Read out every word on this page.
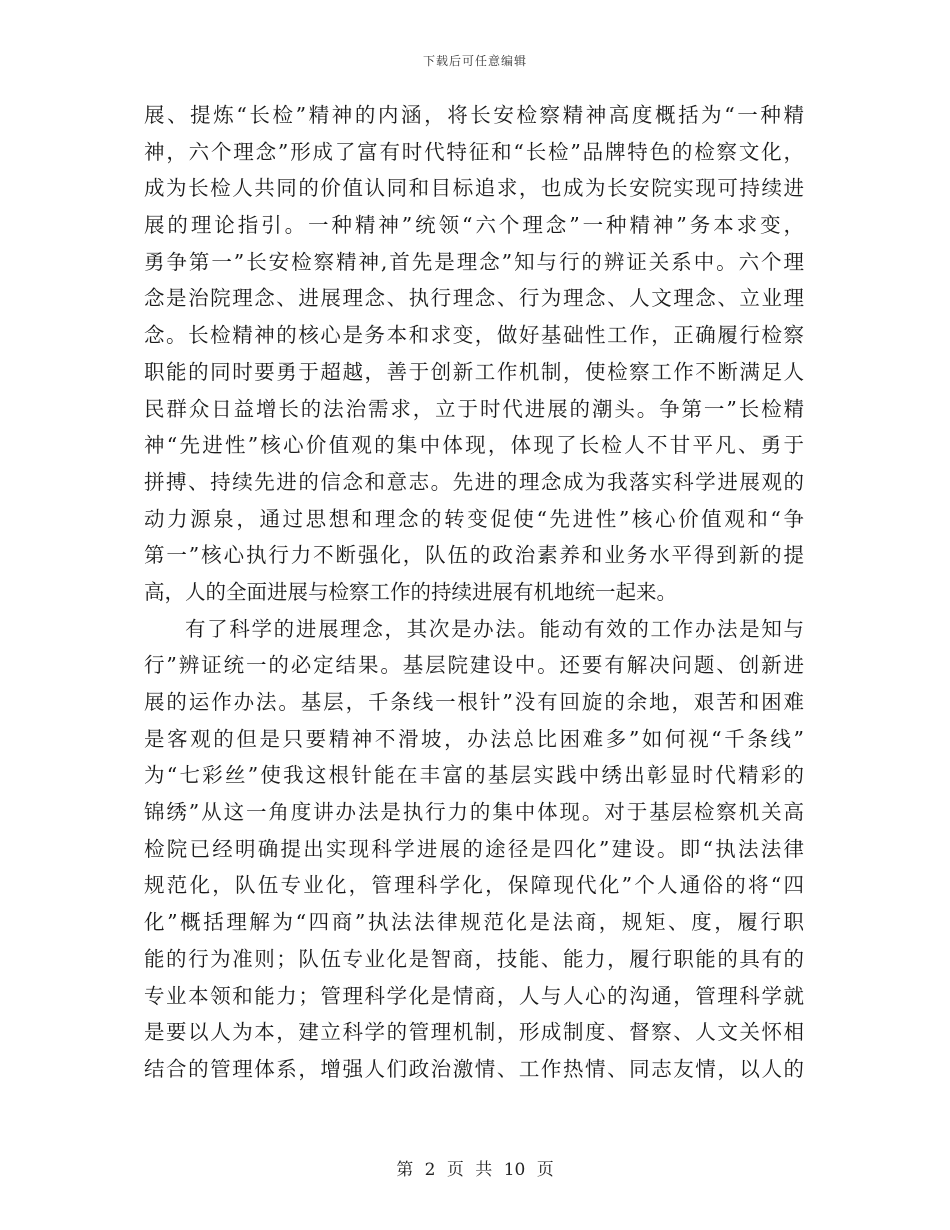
下载后可任意编辑
展、提炼“长检”精神的内涵，将长安检察精神高度概括为“一种精
神，六个理念”形成了富有时代特征和“长检”品牌特色的检察文化，
成为长检人共同的价值认同和目标追求，也成为长安院实现可持续进
展的理论指引。一种精神”统领“六个理念”一种精神”务本求变，
勇争第一”长安检察精神,首先是理念”知与行的辨证关系中。六个理
念是治院理念、进展理念、执行理念、行为理念、人文理念、立业理
念。长检精神的核心是务本和求变，做好基础性工作，正确履行检察
职能的同时要勇于超越，善于创新工作机制，使检察工作不断满足人
民群众日益增长的法治需求，立于时代进展的潮头。争第一”长检精
神“先进性”核心价值观的集中体现，体现了长检人不甘平凡、勇于
拼搏、持续先进的信念和意志。先进的理念成为我落实科学进展观的
动力源泉，通过思想和理念的转变促使“先进性”核心价值观和“争
第一”核心执行力不断强化，队伍的政治素养和业务水平得到新的提
高，人的全面进展与检察工作的持续进展有机地统一起来。
有了科学的进展理念，其次是办法。能动有效的工作办法是知与
行”辨证统一的必定结果。基层院建设中。还要有解决问题、创新进
展的运作办法。基层，千条线一根针”没有回旋的余地，艰苦和困难
是客观的但是只要精神不滑坡，办法总比困难多”如何视“千条线”
为“七彩丝”使我这根针能在丰富的基层实践中绣出彰显时代精彩的
锦绣”从这一角度讲办法是执行力的集中体现。对于基层检察机关高
检院已经明确提出实现科学进展的途径是四化”建设。即“执法法律
规范化，队伍专业化，管理科学化，保障现代化”个人通俗的将“四
化”概括理解为“四商”执法法律规范化是法商，规矩、度，履行职
能的行为准则；队伍专业化是智商，技能、能力，履行职能的具有的
专业本领和能力；管理科学化是情商，人与人心的沟通，管理科学就
是要以人为本，建立科学的管理机制，形成制度、督察、人文关怀相
结合的管理体系，增强人们政治激情、工作热情、同志友情，以人的
第 2 页 共 10 页
